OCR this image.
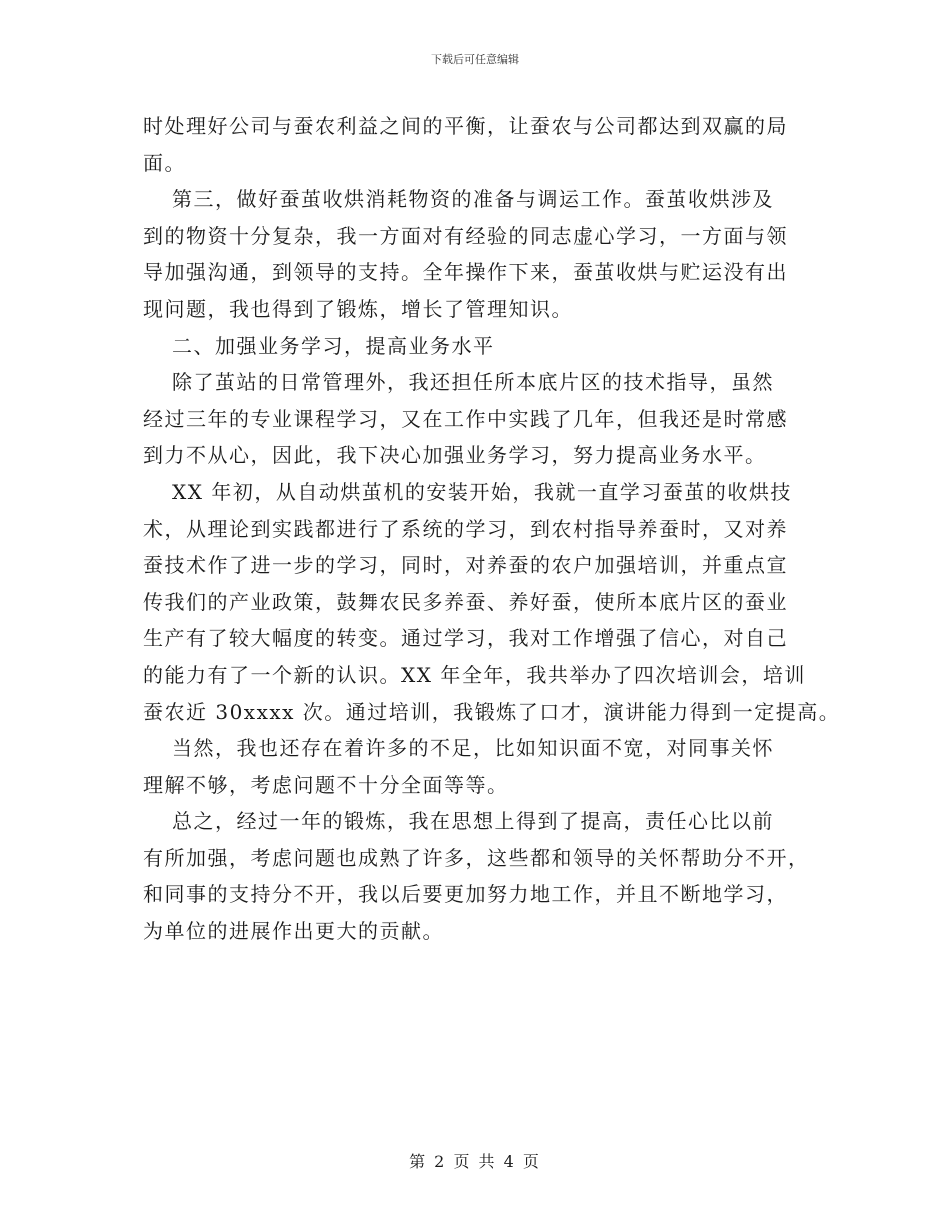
下载后可任意编辑
时处理好公司与蚕农利益之间的平衡，让蚕农与公司都达到双赢的局
面。
第三，做好蚕茧收烘消耗物资的准备与调运工作。蚕茧收烘涉及
到的物资十分复杂，我一方面对有经验的同志虚心学习，一方面与领
导加强沟通，到领导的支持。全年操作下来，蚕茧收烘与贮运没有出
现问题，我也得到了锻炼，增长了管理知识。
二、加强业务学习，提高业务水平
除了茧站的日常管理外，我还担任所本底片区的技术指导，虽然
经过三年的专业课程学习，又在工作中实践了几年，但我还是时常感
到力不从心，因此，我下决心加强业务学习，努力提高业务水平。
XX 年初，从自动烘茧机的安装开始，我就一直学习蚕茧的收烘技
术，从理论到实践都进行了系统的学习，到农村指导养蚕时，又对养
蚕技术作了进一步的学习，同时，对养蚕的农户加强培训，并重点宣
传我们的产业政策，鼓舞农民多养蚕、养好蚕，使所本底片区的蚕业
生产有了较大幅度的转变。通过学习，我对工作增强了信心，对自己
的能力有了一个新的认识。XX 年全年，我共举办了四次培训会，培训
蚕农近 30xxxx 次。通过培训，我锻炼了口才，演讲能力得到一定提高。
当然，我也还存在着许多的不足，比如知识面不宽，对同事关怀
理解不够，考虑问题不十分全面等等。
总之，经过一年的锻炼，我在思想上得到了提高，责任心比以前
有所加强，考虑问题也成熟了许多，这些都和领导的关怀帮助分不开，
和同事的支持分不开，我以后要更加努力地工作，并且不断地学习，
为单位的进展作出更大的贡献。
第 2 页 共 4 页
